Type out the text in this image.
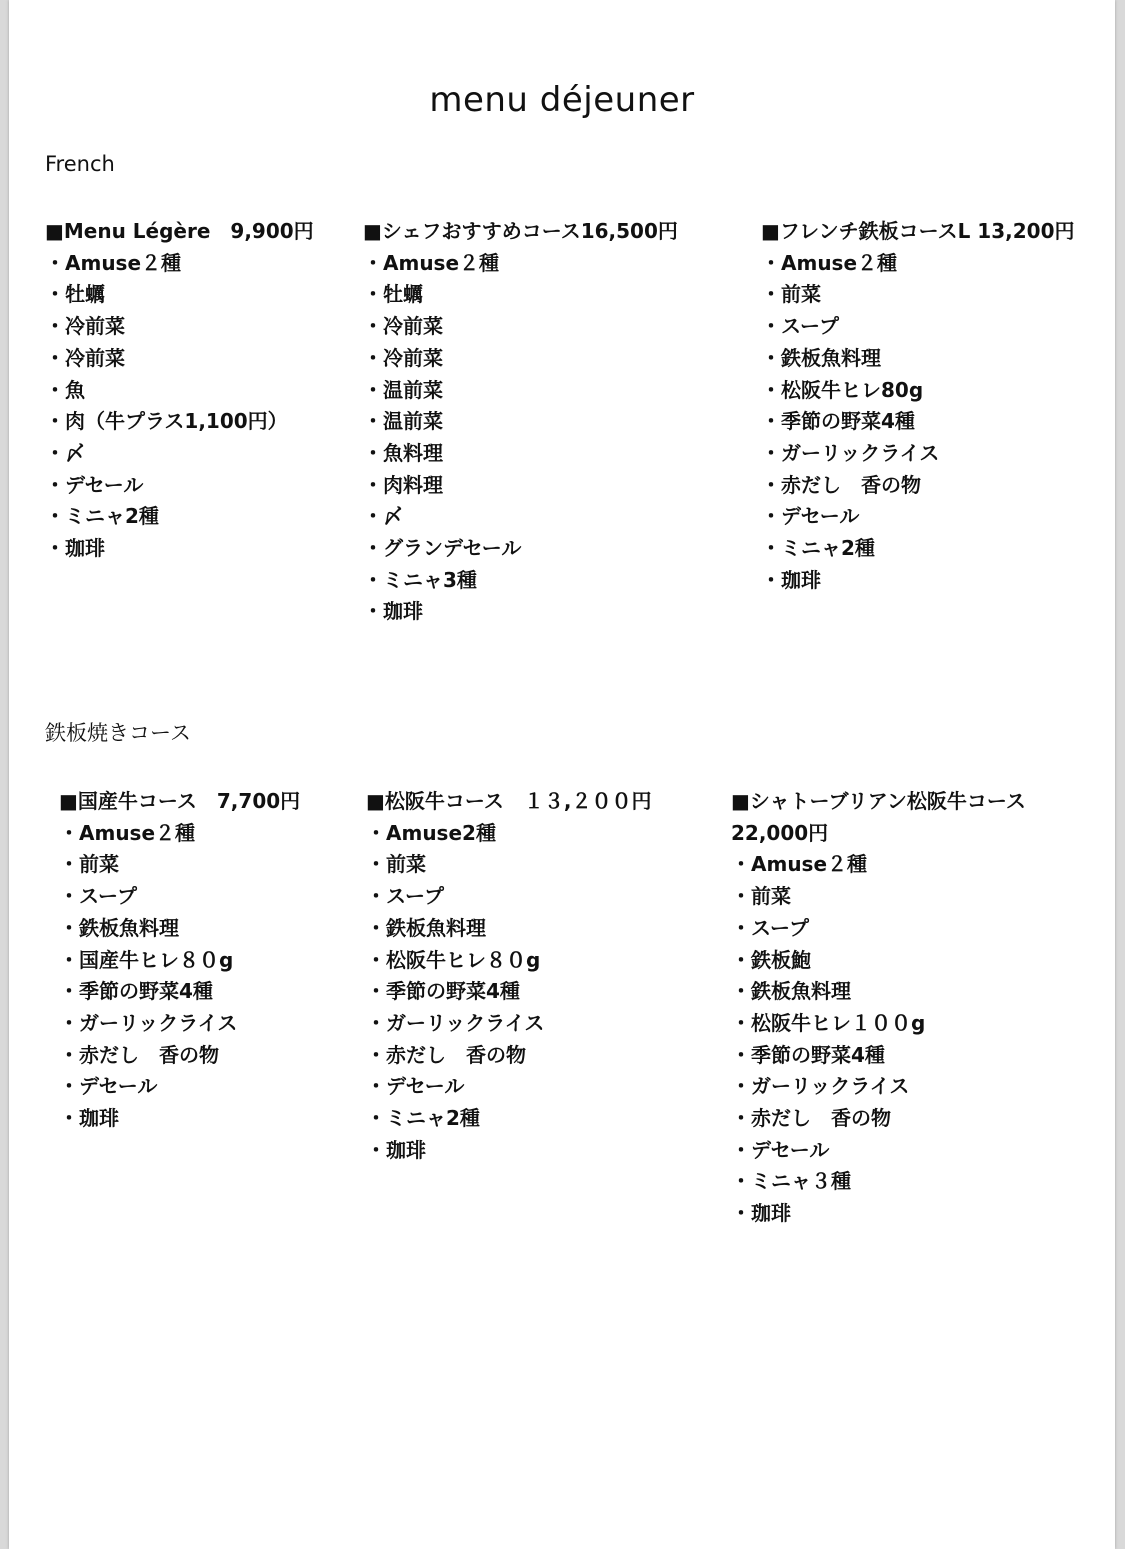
menu déjeuner
French
■Menu Légère　9,900円
・Amuse２種
・牡蠣
・冷前菜
・冷前菜
・魚
・肉（牛プラス1,100円）
・〆
・デセール
・ミニャ2種
・珈琲
■シェフおすすめコース16,500円
・Amuse２種
・牡蠣
・冷前菜
・冷前菜
・温前菜
・温前菜
・魚料理
・肉料理
・〆
・グランデセール
・ミニャ3種
・珈琲
■フレンチ鉄板コースL 13,200円
・Amuse２種
・前菜
・スープ
・鉄板魚料理
・松阪牛ヒレ80g
・季節の野菜4種
・ガーリックライス
・赤だし　香の物
・デセール
・ミニャ2種
・珈琲
鉄板焼きコース
■国産牛コース　7,700円
・Amuse２種
・前菜
・スープ
・鉄板魚料理
・国産牛ヒレ８０g
・季節の野菜4種
・ガーリックライス
・赤だし　香の物
・デセール
・珈琲
■松阪牛コース　１３,２００円
・Amuse2種
・前菜
・スープ
・鉄板魚料理
・松阪牛ヒレ８０g
・季節の野菜4種
・ガーリックライス
・赤だし　香の物
・デセール
・ミニャ2種
・珈琲
■シャトーブリアン松阪牛コース
22,000円
・Amuse２種
・前菜
・スープ
・鉄板鮑
・鉄板魚料理
・松阪牛ヒレ１００g
・季節の野菜4種
・ガーリックライス
・赤だし　香の物
・デセール
・ミニャ３種
・珈琲
